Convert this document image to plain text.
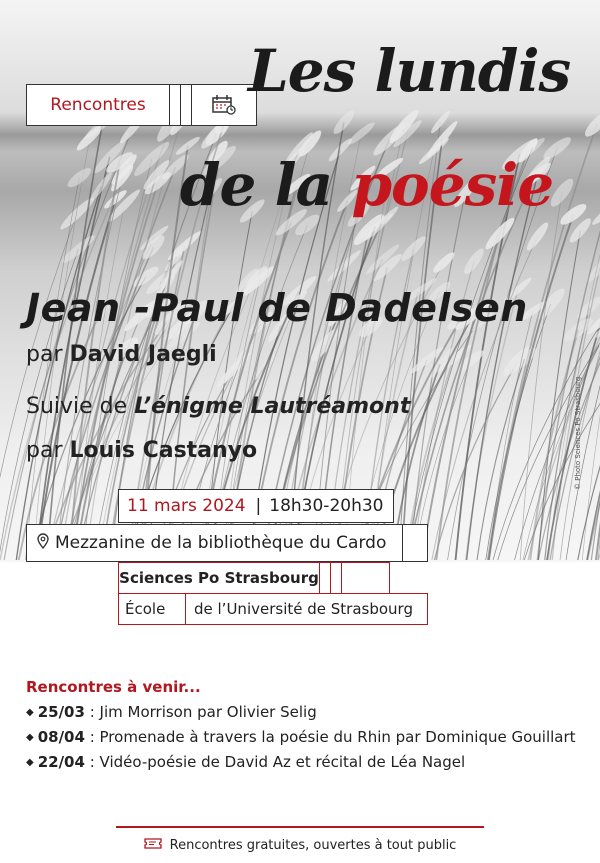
Rencontres	Les lundis
de la poésie
Jean -Paul de Dadelsen
par David Jaegli
Suivie de L’énigme Lautréamont
par Louis Castanyo
11 mars 2024 | 18h30-20h30
Mezzanine de la bibliothèque du Cardo
© Photo Sciences Po Strasbourg
Sciences Po Strasbourg
École	de l’Université de Strasbourg
Rencontres à venir...
◆ 25/03 : Jim Morrison par Olivier Selig
◆ 08/04 : Promenade à travers la poésie du Rhin par Dominique Gouillart
◆ 22/04 : Vidéo-poésie de David Az et récital de Léa Nagel
Rencontres gratuites, ouvertes à tout public
